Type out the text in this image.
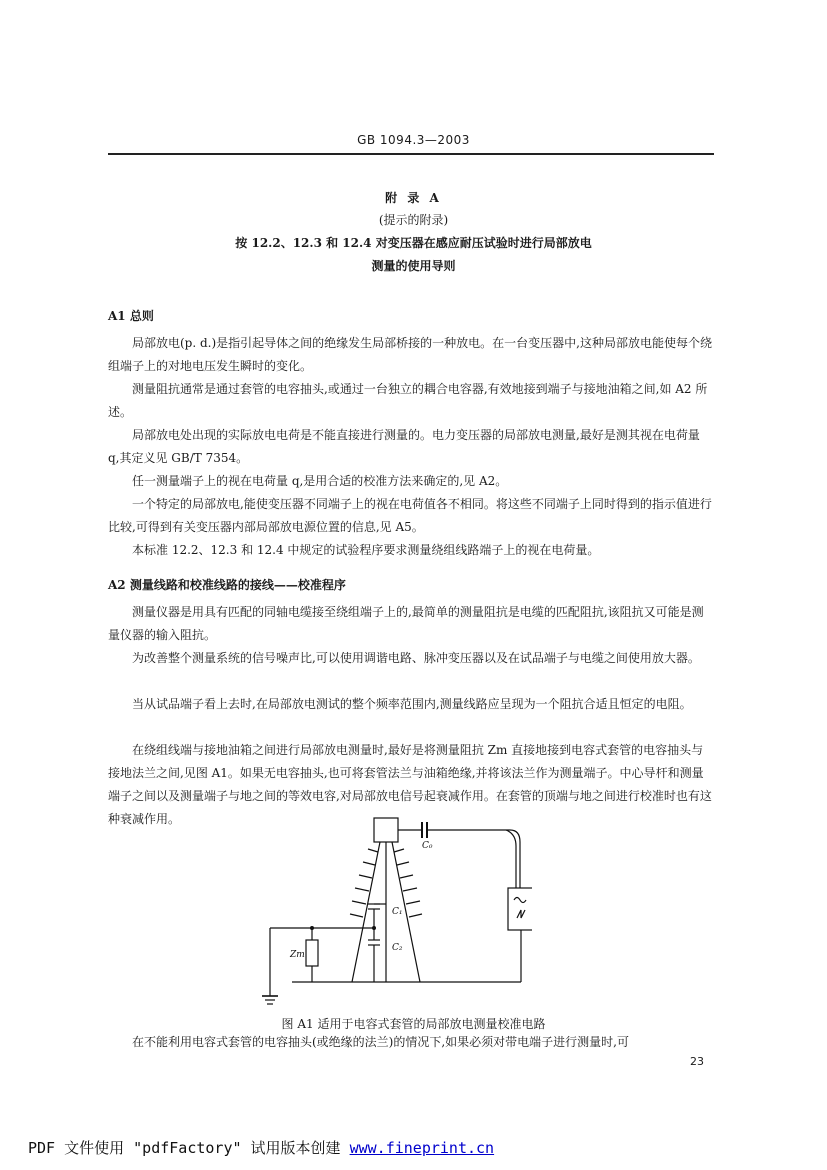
GB 1094.3—2003
附 录 A
(提示的附录)
按 12.2、12.3 和 12.4 对变压器在感应耐压试验时进行局部放电
测量的使用导则
A1 总则

局部放电(p. d.)是指引起导体之间的绝缘发生局部桥接的一种放电。在一台变压器中,这种局部放电能使每个绕组端子上的对地电压发生瞬时的变化。

测量阻抗通常是通过套管的电容抽头,或通过一台独立的耦合电容器,有效地接到端子与接地油箱之间,如 A2 所述。

局部放电处出现的实际放电电荷是不能直接进行测量的。电力变压器的局部放电测量,最好是测其视在电荷量 q,其定义见 GB/T 7354。

任一测量端子上的视在电荷量 q,是用合适的校准方法来确定的,见 A2。

一个特定的局部放电,能使变压器不同端子上的视在电荷值各不相同。将这些不同端子上同时得到的指示值进行比较,可得到有关变压器内部局部放电源位置的信息,见 A5。

本标准 12.2、12.3 和 12.4 中规定的试验程序要求测量绕组线路端子上的视在电荷量。

A2 测量线路和校准线路的接线——校准程序

测量仪器是用具有匹配的同轴电缆接至绕组端子上的,最简单的测量阻抗是电缆的匹配阻抗,该阻抗又可能是测量仪器的输入阻抗。

为改善整个测量系统的信号噪声比,可以使用调谐电路、脉冲变压器以及在试品端子与电缆之间使用放大器。

当从试品端子看上去时,在局部放电测试的整个频率范围内,测量线路应呈现为一个阻抗合适且恒定的电阻。

在绕组线端与接地油箱之间进行局部放电测量时,最好是将测量阻抗 Zm 直接地接到电容式套管的电容抽头与接地法兰之间,见图 A1。如果无电容抽头,也可将套管法兰与油箱绝缘,并将该法兰作为测量端子。中心导杆和测量端子之间以及测量端子与地之间的等效电容,对局部放电信号起衰减作用。在套管的顶端与地之间进行校准时也有这种衰减作用。

C₀
C₁
C₂
Zm
图 A1 适用于电容式套管的局部放电测量校准电路

在不能利用电容式套管的电容抽头(或绝缘的法兰)的情况下,如果必须对带电端子进行测量时,可

23
PDF 文件使用 "pdfFactory" 试用版本创建 www.fineprint.cn
